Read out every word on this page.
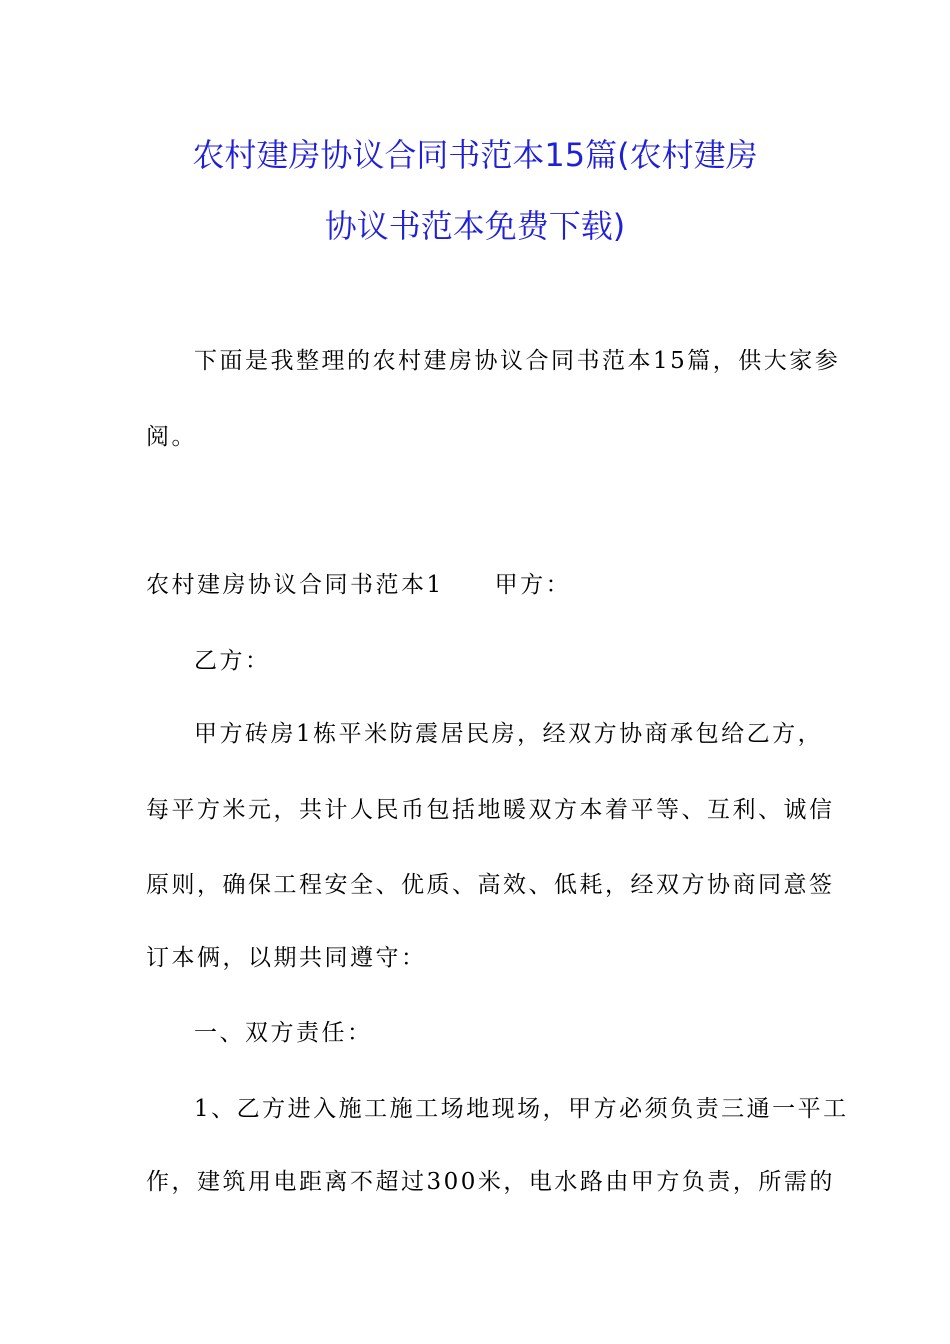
农村建房协议合同书范本15篇(农村建房
协议书范本免费下载)
下面是我整理的农村建房协议合同书范本15篇，供大家参
阅。
农村建房协议合同书范本1　　甲方：
乙方：
甲方砖房1栋平米防震居民房，经双方协商承包给乙方，
每平方米元，共计人民币包括地暖双方本着平等、互利、诚信
原则，确保工程安全、优质、高效、低耗，经双方协商同意签
订本俩，以期共同遵守：
一、双方责任：
1、乙方进入施工施工场地现场，甲方必须负责三通一平工
作，建筑用电距离不超过300米，电水路由甲方负责，所需的
